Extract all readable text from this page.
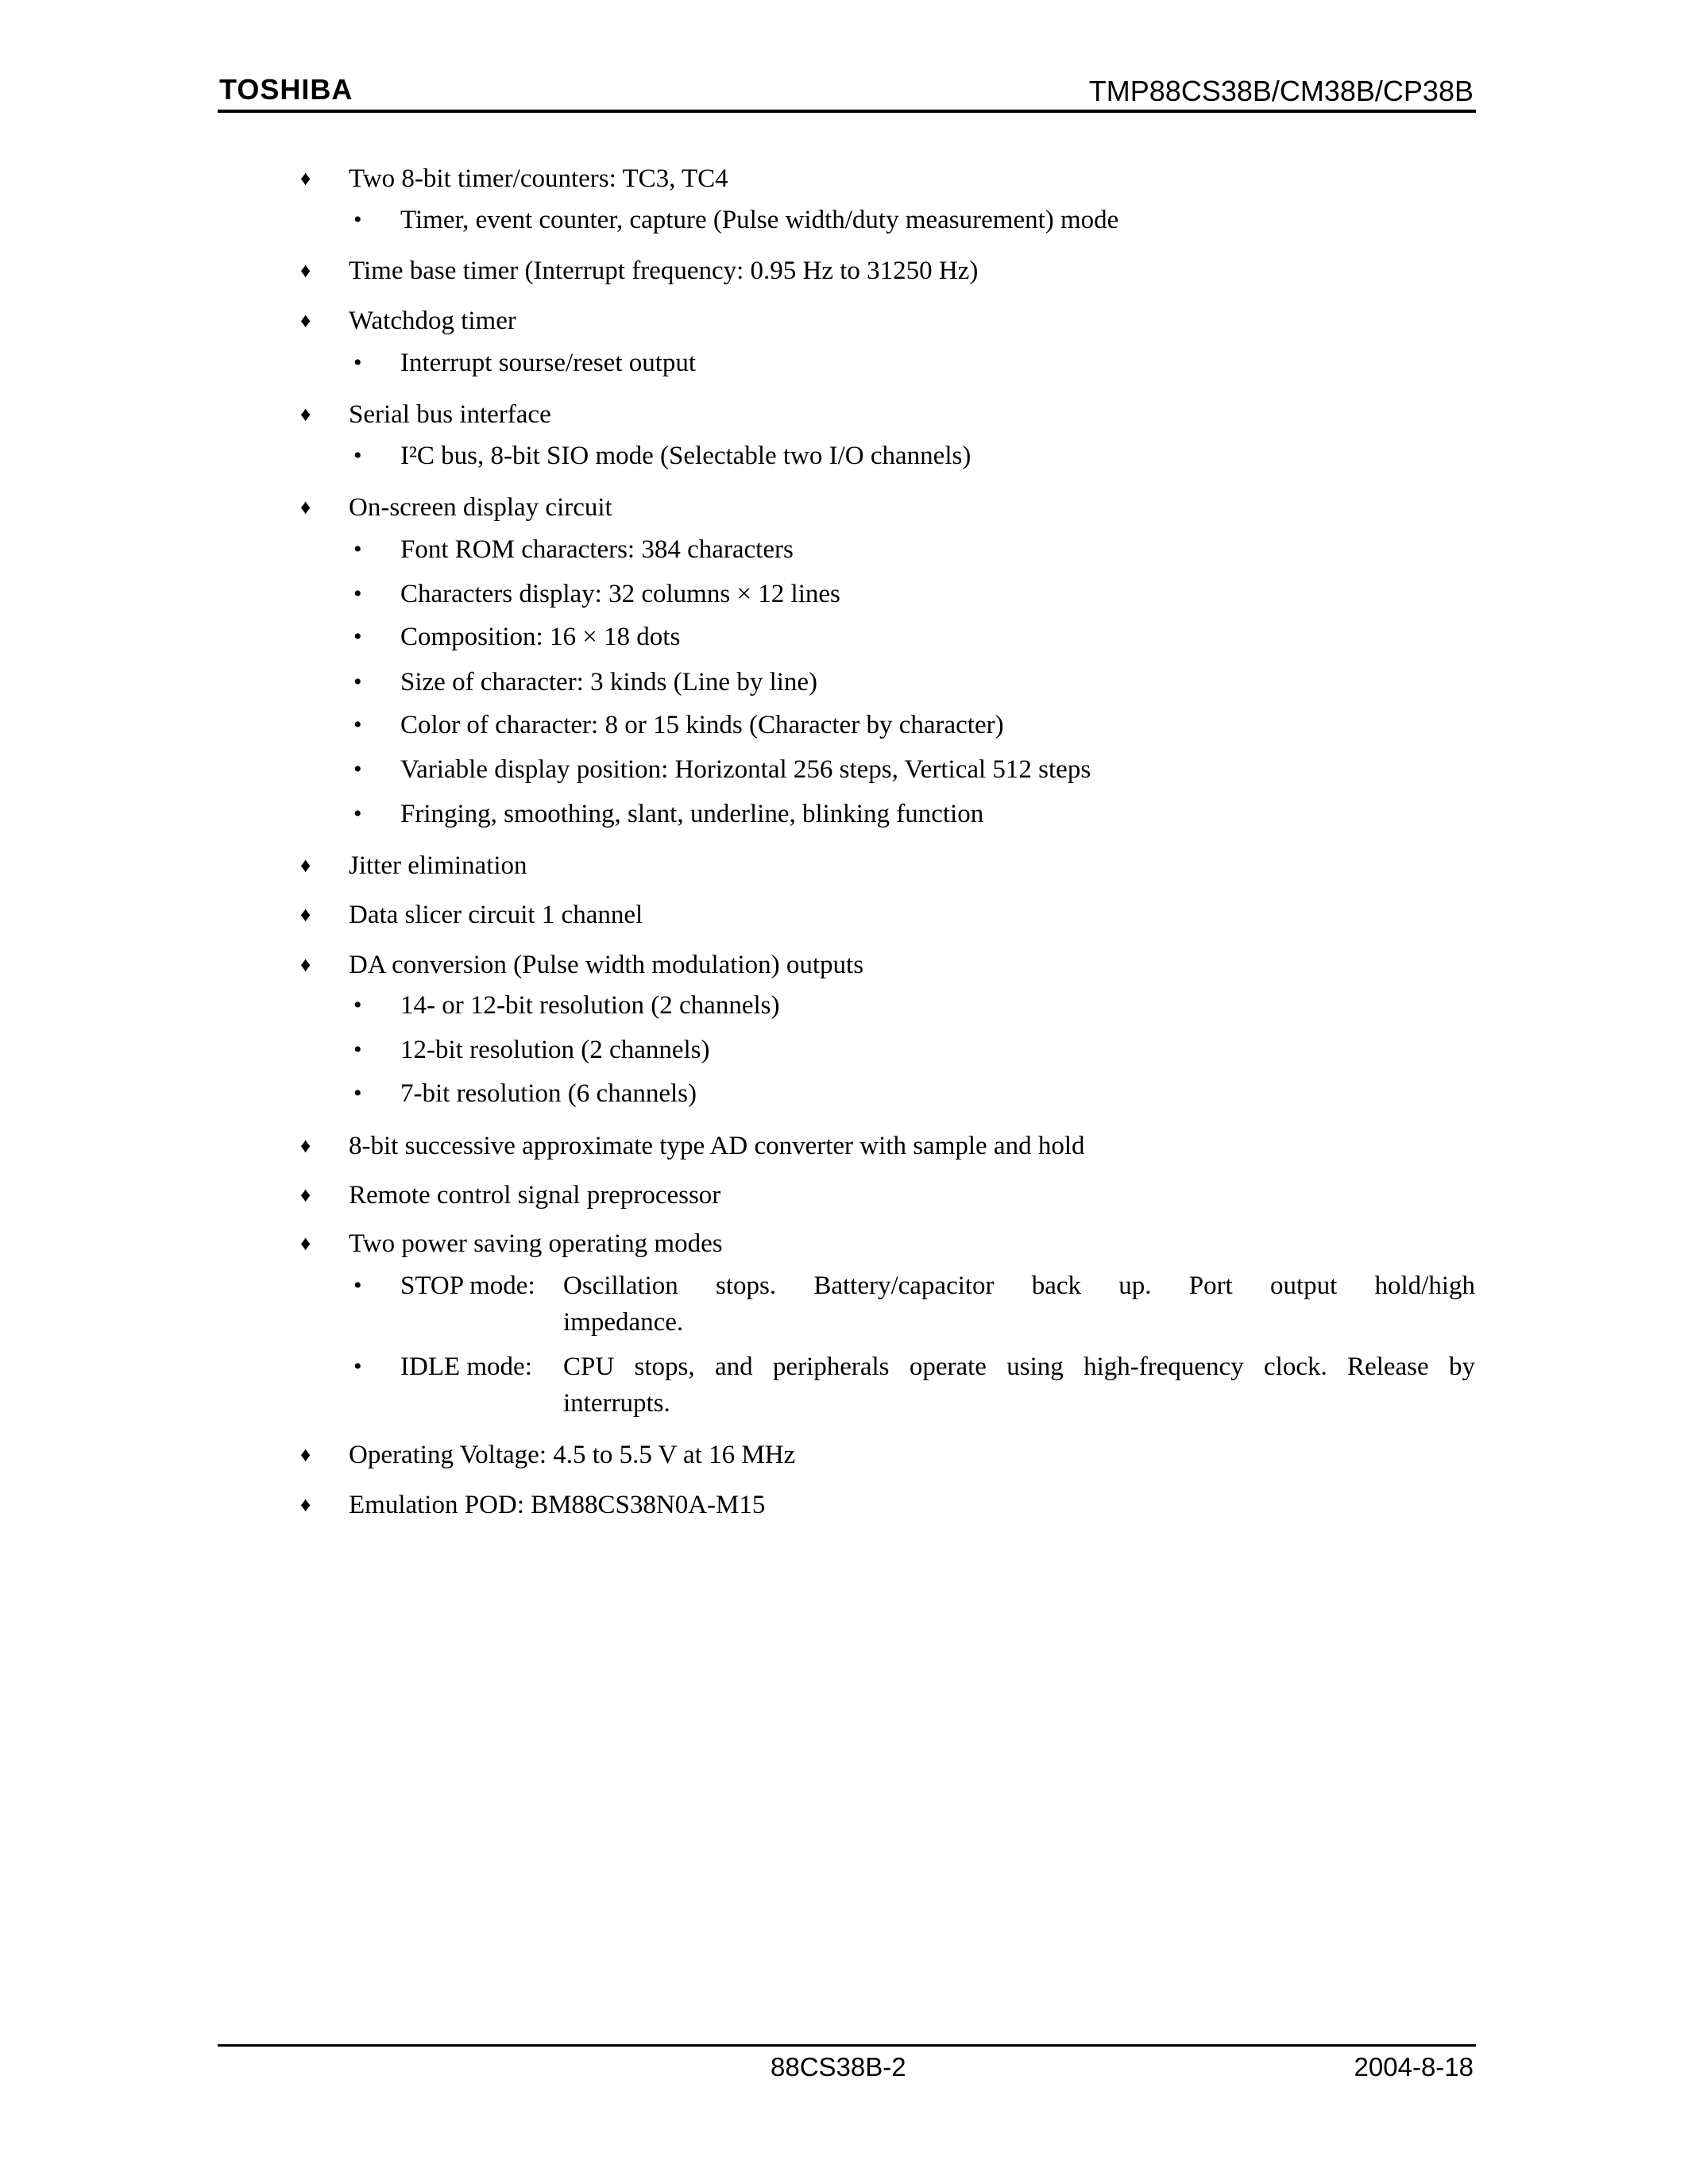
TOSHIBA	TMP88CS38B/CM38B/CP38B
♦ Two 8-bit timer/counters: TC3, TC4
• Timer, event counter, capture (Pulse width/duty measurement) mode
♦ Time base timer (Interrupt frequency: 0.95 Hz to 31250 Hz)
♦ Watchdog timer
• Interrupt sourse/reset output
♦ Serial bus interface
• I²C bus, 8-bit SIO mode (Selectable two I/O channels)
♦ On-screen display circuit
• Font ROM characters: 384 characters
• Characters display: 32 columns × 12 lines
• Composition: 16 × 18 dots
• Size of character: 3 kinds (Line by line)
• Color of character: 8 or 15 kinds (Character by character)
• Variable display position: Horizontal 256 steps, Vertical 512 steps
• Fringing, smoothing, slant, underline, blinking function
♦ Jitter elimination
♦ Data slicer circuit 1 channel
♦ DA conversion (Pulse width modulation) outputs
• 14- or 12-bit resolution (2 channels)
• 12-bit resolution (2 channels)
• 7-bit resolution (6 channels)
♦ 8-bit successive approximate type AD converter with sample and hold
♦ Remote control signal preprocessor
♦ Two power saving operating modes
• STOP mode: Oscillation stops. Battery/capacitor back up. Port output hold/high
impedance.
• IDLE mode: CPU stops, and peripherals operate using high-frequency clock. Release by
interrupts.
♦ Operating Voltage: 4.5 to 5.5 V at 16 MHz
♦ Emulation POD: BM88CS38N0A-M15
88CS38B-2	2004-8-18
